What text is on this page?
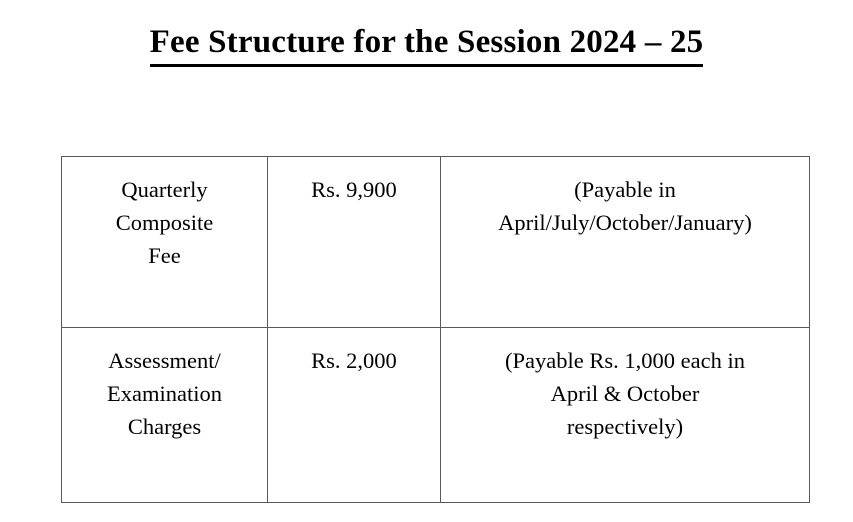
Fee Structure for the Session 2024 – 25
Quarterly
Composite
Fee	Rs. 9,900	(Payable in
April/July/October/January)

Assessment/
Examination
Charges	Rs. 2,000	(Payable Rs. 1,000 each in
April & October
respectively)
